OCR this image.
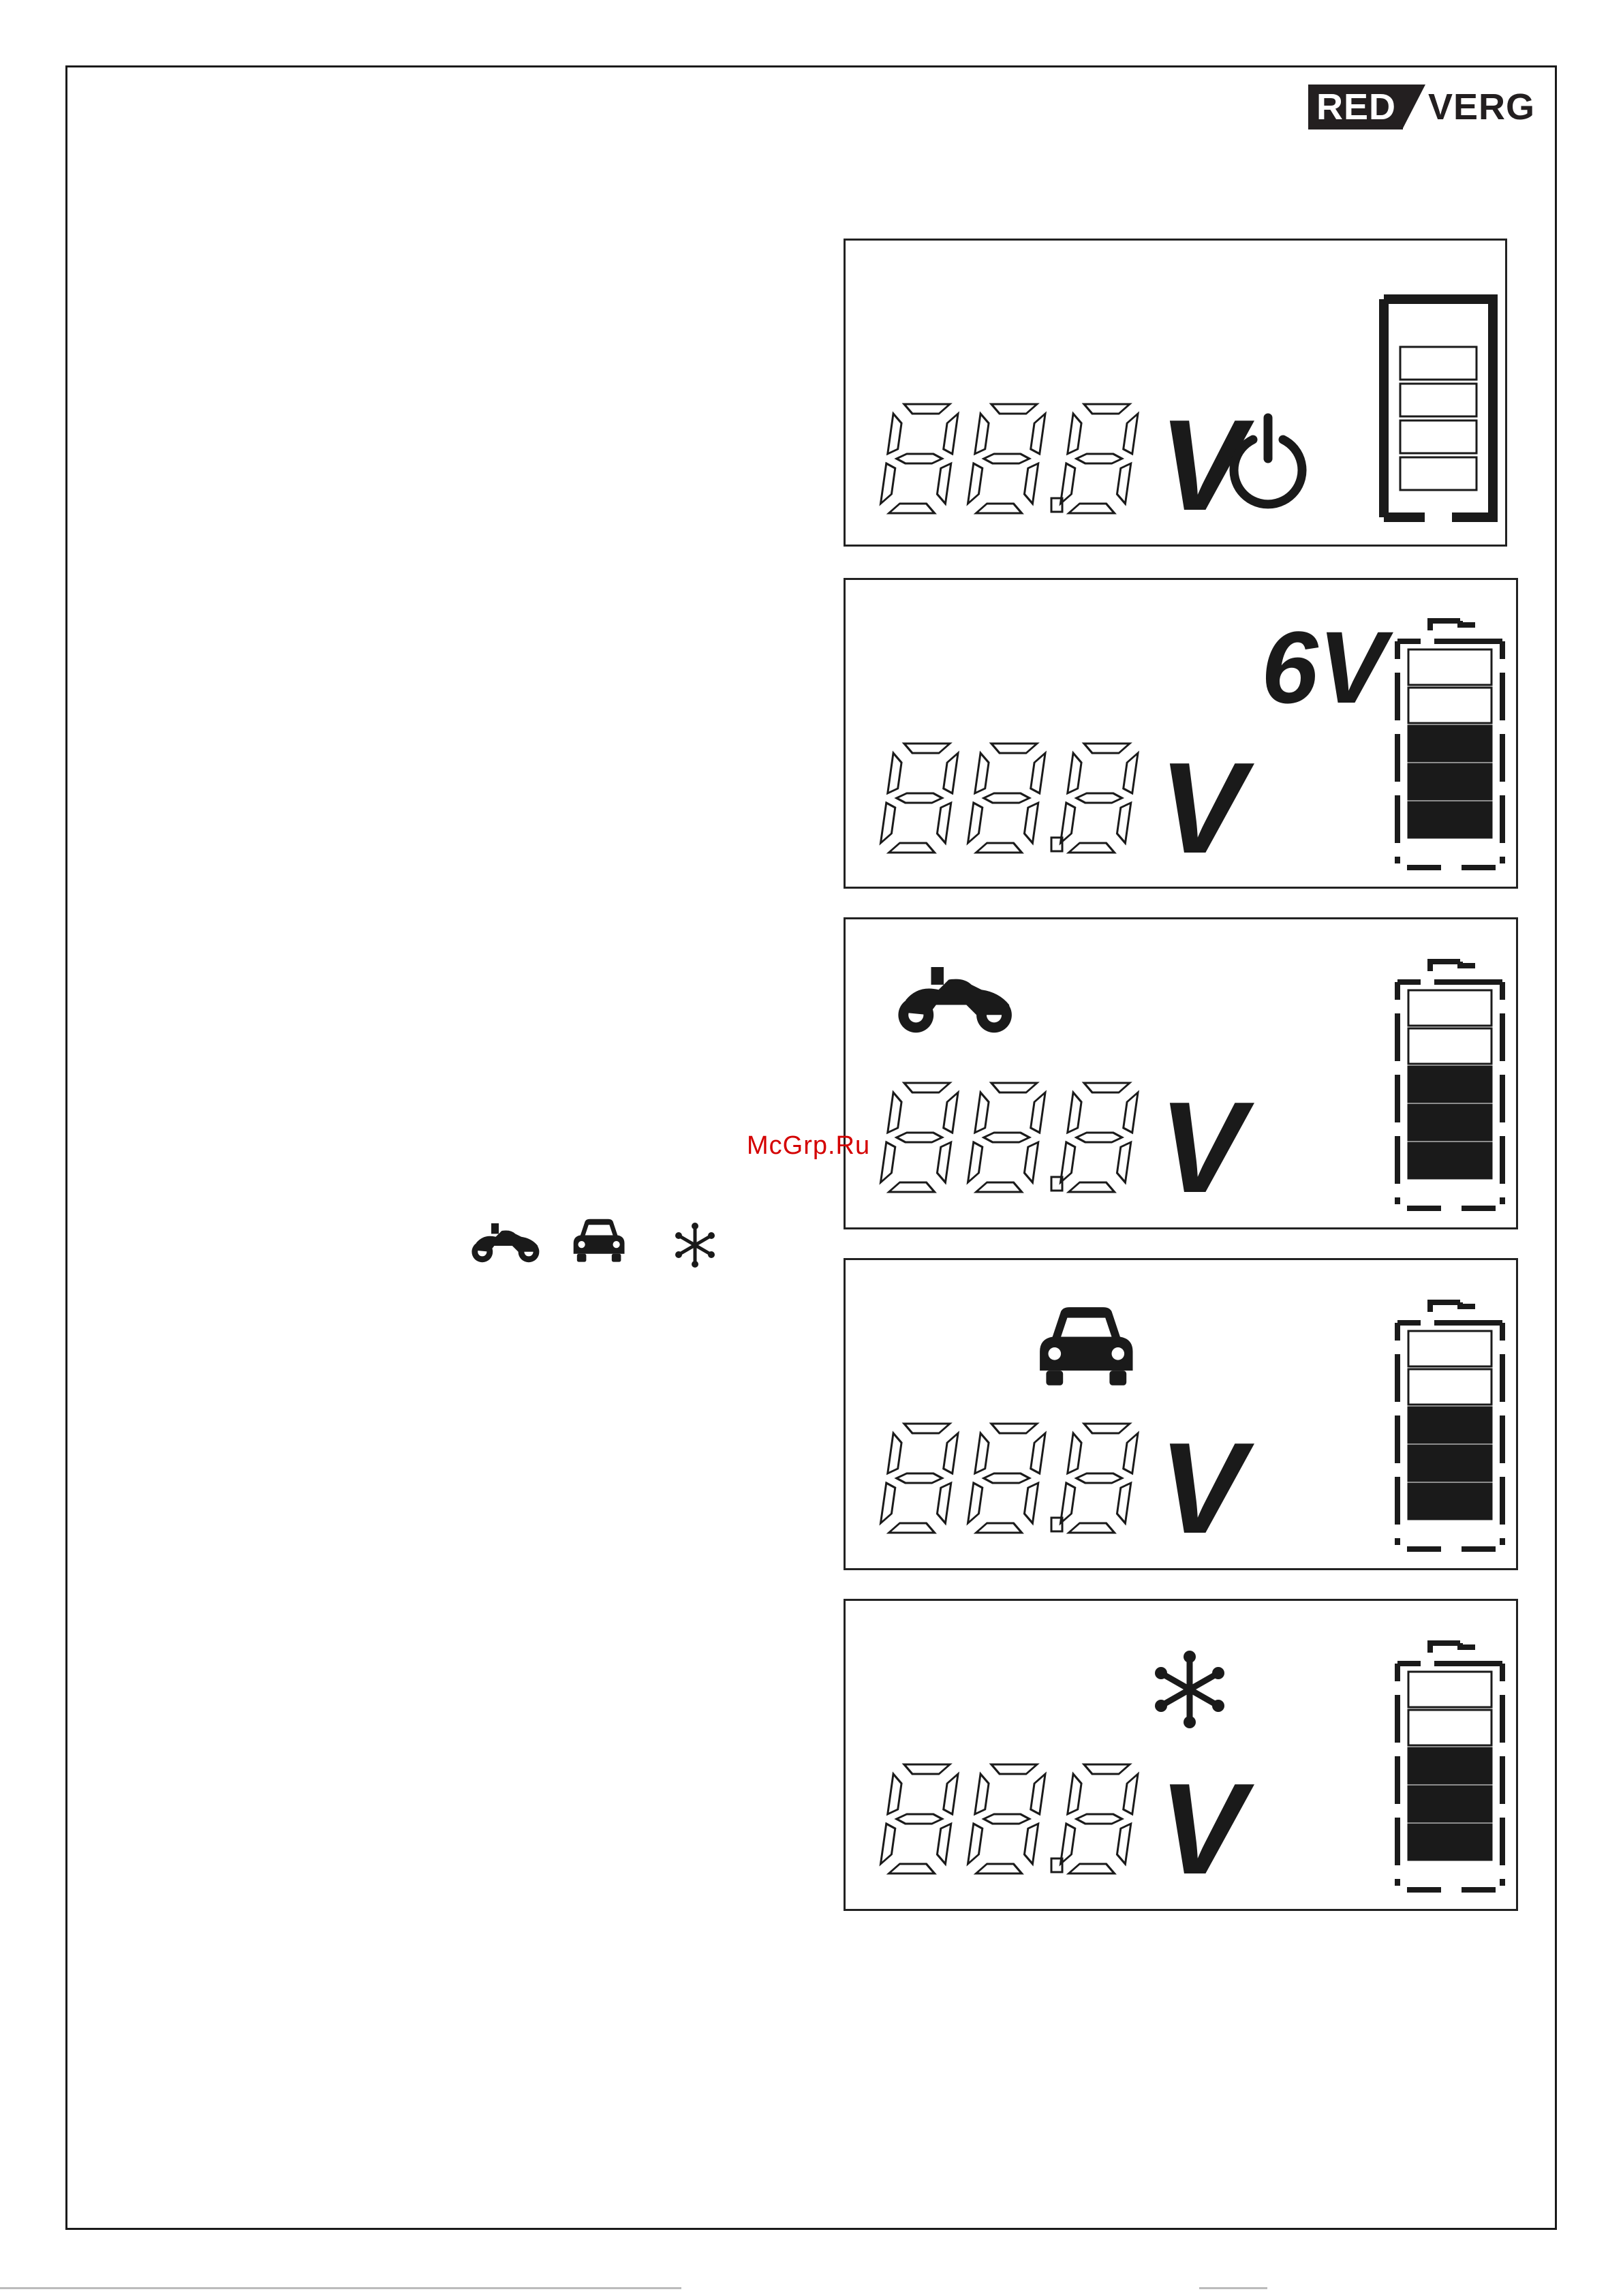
RED VERG
V
6V
V
V
V
V
McGrp.Ru
